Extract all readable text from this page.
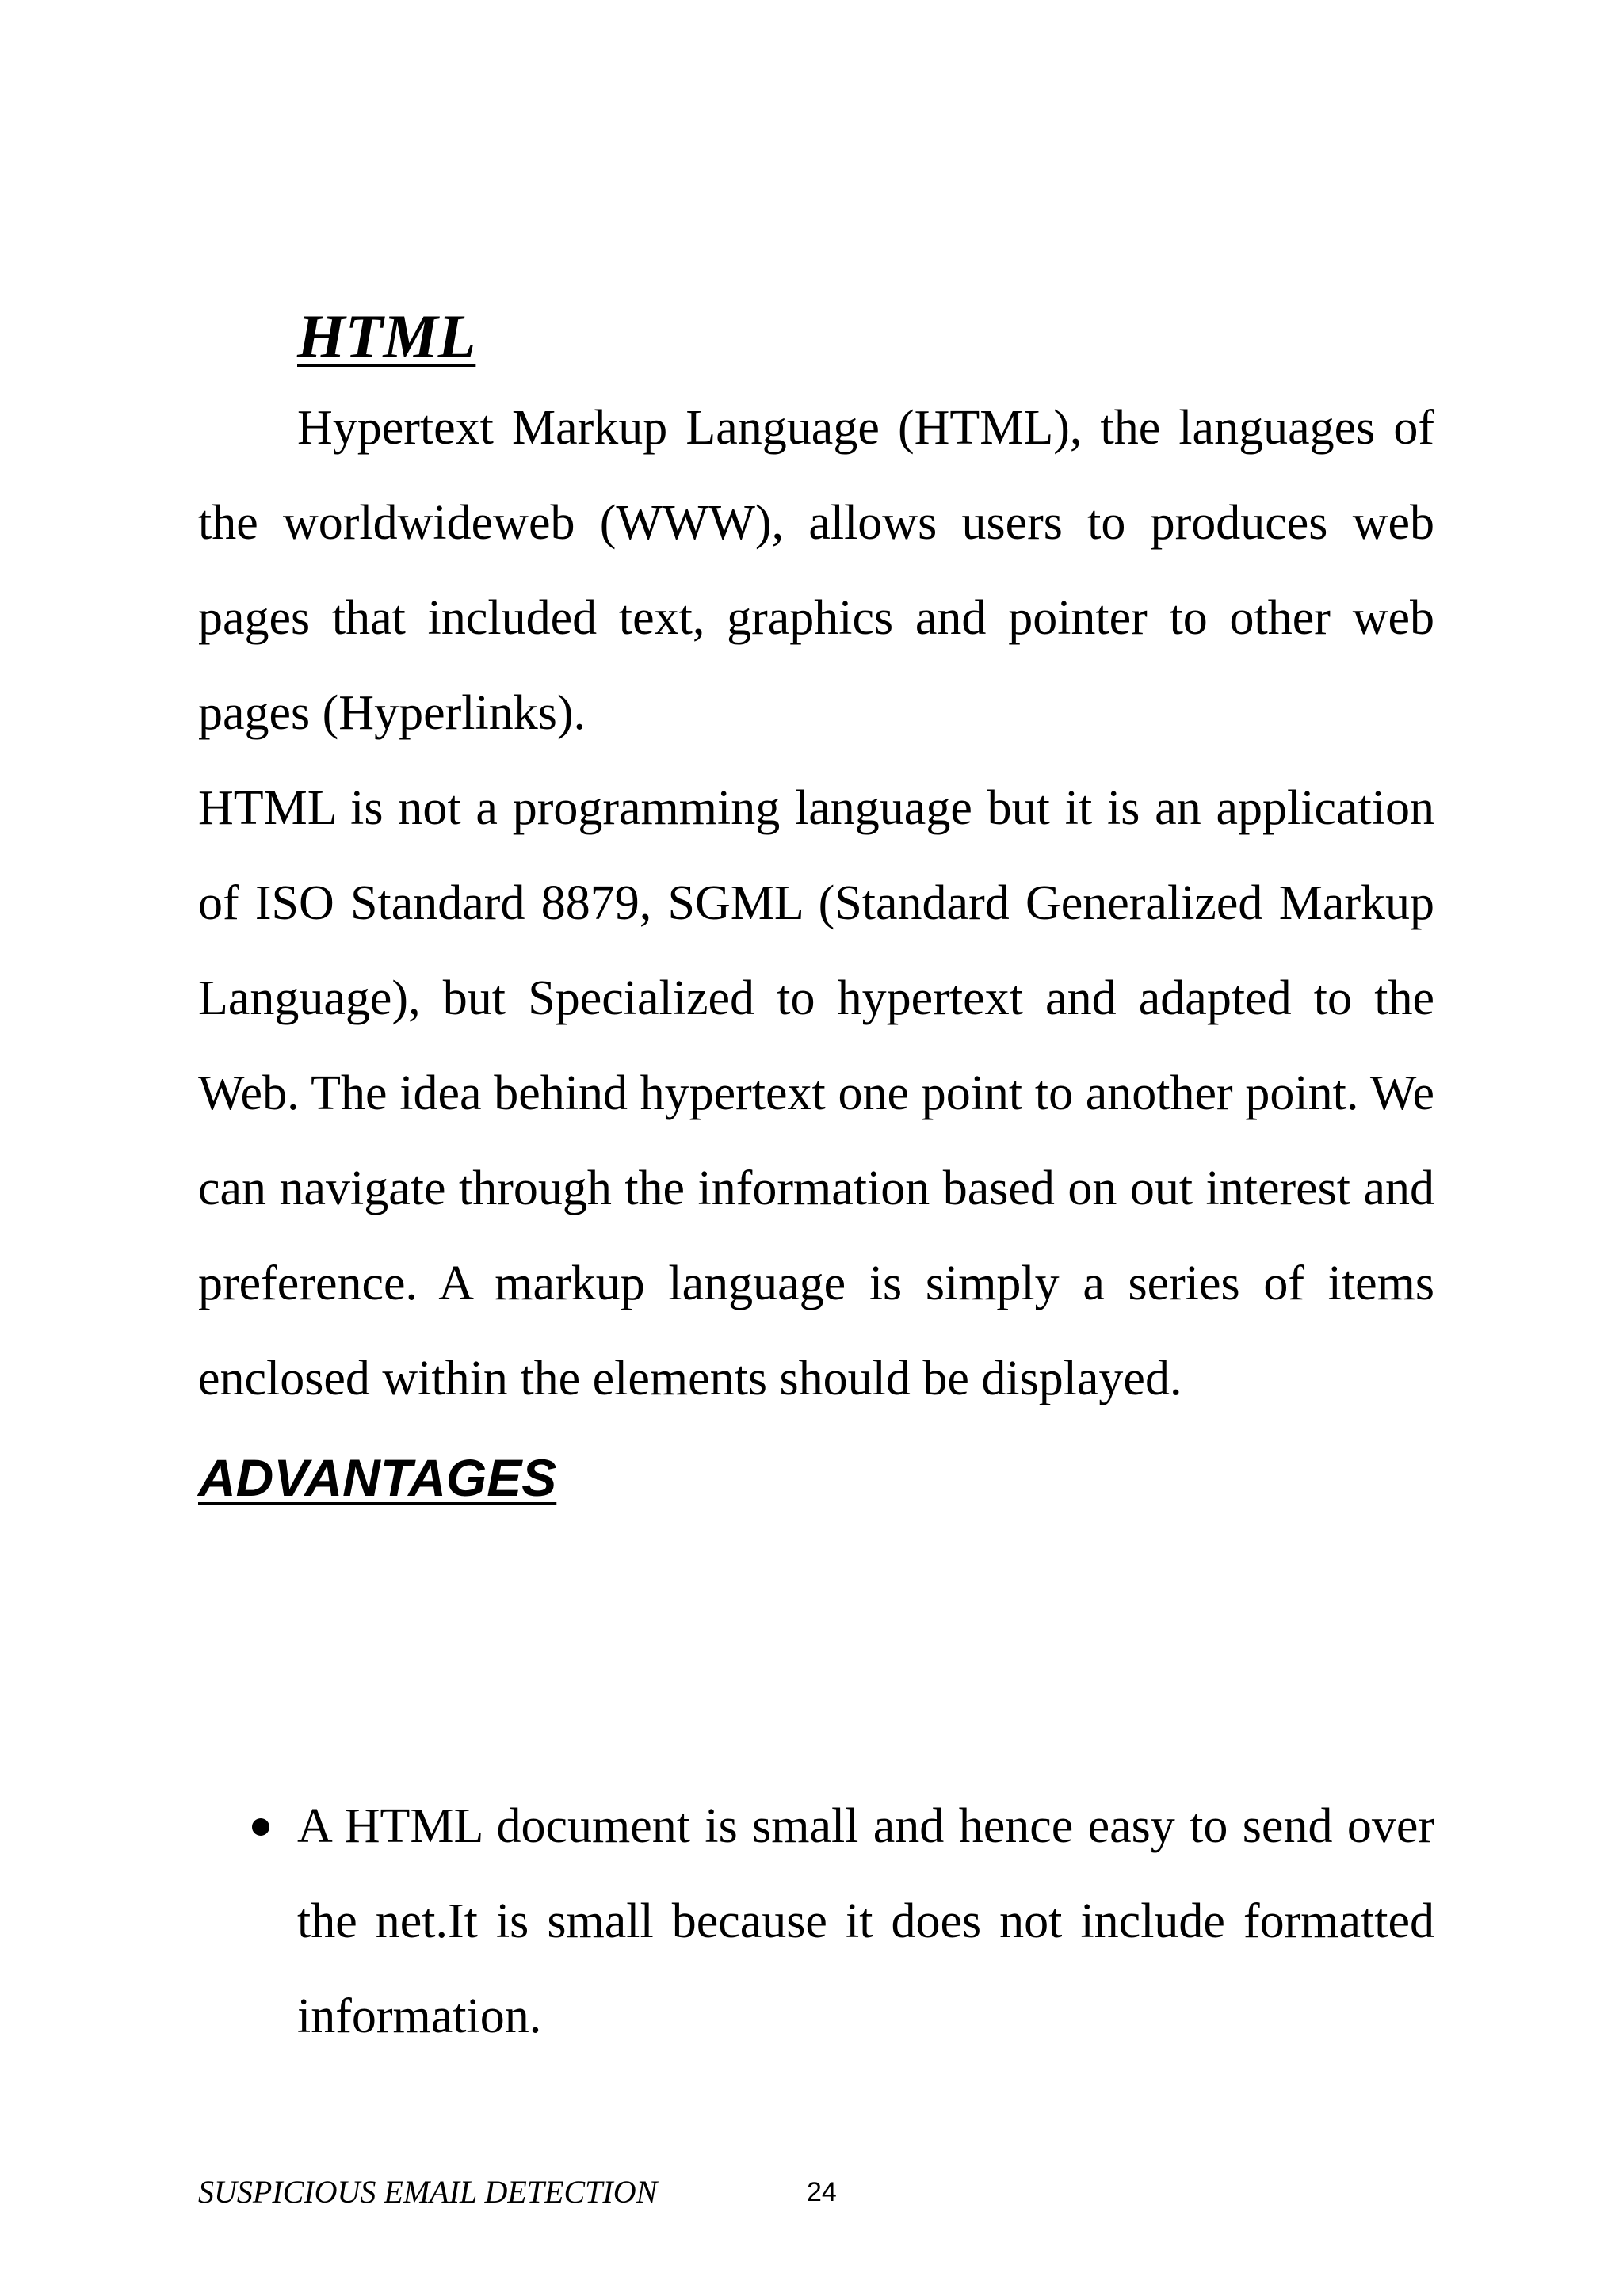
HTML

Hypertext Markup Language (HTML), the languages of the worldwideweb (WWW), allows users to produces web pages that included text, graphics and pointer to other web pages (Hyperlinks).

HTML is not a programming language but it is an application of ISO Standard 8879, SGML (Standard Generalized Markup Language), but Specialized to hypertext and adapted to the Web. The idea behind hypertext one point to another point. We can navigate through the information based on out interest and preference. A markup language is simply a series of items enclosed within the elements should be displayed.

ADVANTAGES
A HTML document is small and hence easy to send over the net.It is small because it does not include formatted information.
SUSPICIOUS EMAIL DETECTION	24
